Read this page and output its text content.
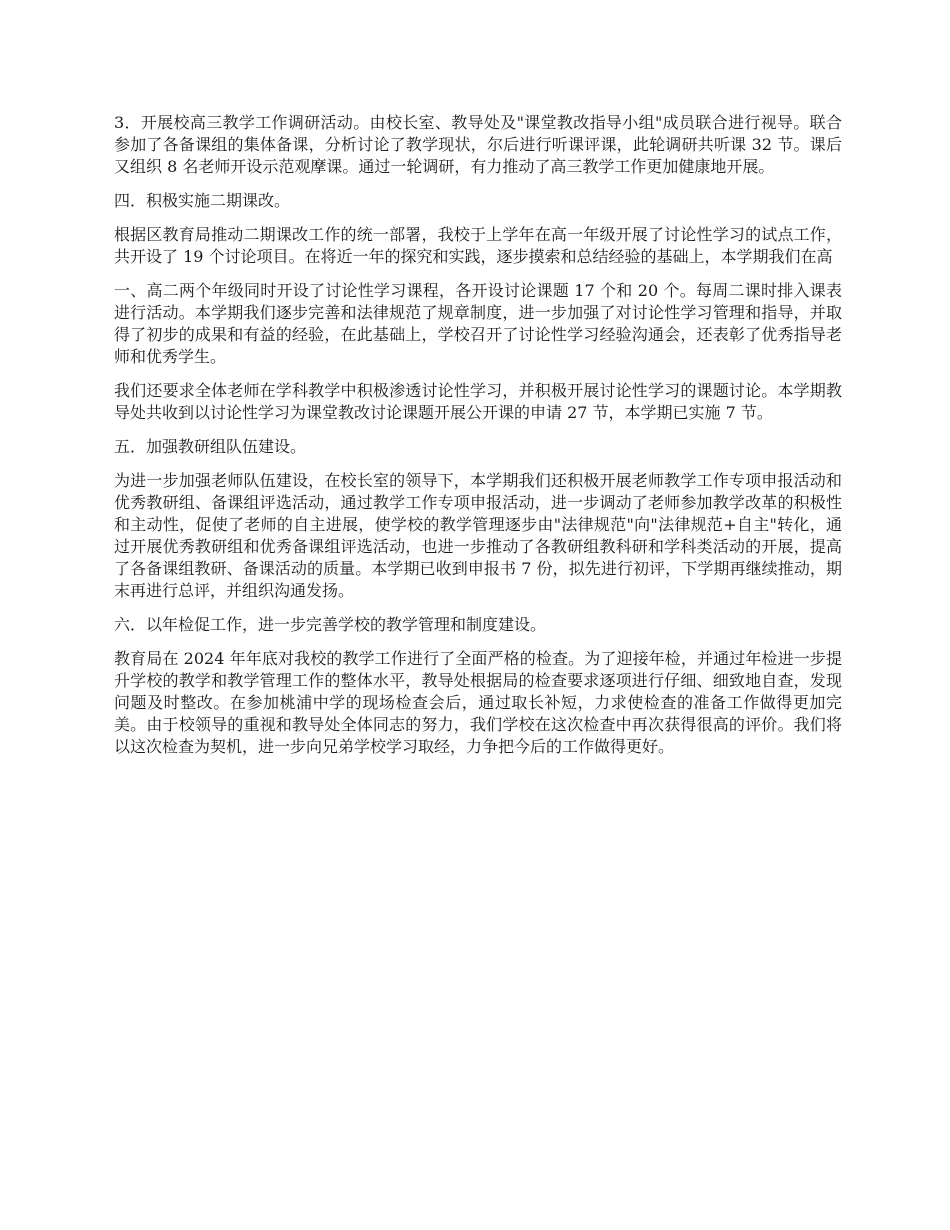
3．开展校高三教学工作调研活动。由校长室、教导处及"课堂教改指导小组"成员联合进行视导。联合参加了各备课组的集体备课，分析讨论了教学现状，尔后进行听课评课，此轮调研共听课 32 节。课后又组织 8 名老师开设示范观摩课。通过一轮调研，有力推动了高三教学工作更加健康地开展。

四．积极实施二期课改。

根据区教育局推动二期课改工作的统一部署，我校于上学年在高一年级开展了讨论性学习的试点工作，共开设了 19 个讨论项目。在将近一年的探究和实践，逐步摸索和总结经验的基础上，本学期我们在高

一、高二两个年级同时开设了讨论性学习课程，各开设讨论课题 17 个和 20 个。每周二课时排入课表进行活动。本学期我们逐步完善和法律规范了规章制度，进一步加强了对讨论性学习管理和指导，并取得了初步的成果和有益的经验，在此基础上，学校召开了讨论性学习经验沟通会，还表彰了优秀指导老师和优秀学生。

我们还要求全体老师在学科教学中积极渗透讨论性学习，并积极开展讨论性学习的课题讨论。本学期教导处共收到以讨论性学习为课堂教改讨论课题开展公开课的申请 27 节，本学期已实施 7 节。

五．加强教研组队伍建设。

为进一步加强老师队伍建设，在校长室的领导下，本学期我们还积极开展老师教学工作专项申报活动和优秀教研组、备课组评选活动，通过教学工作专项申报活动，进一步调动了老师参加教学改革的积极性和主动性，促使了老师的自主进展，使学校的教学管理逐步由"法律规范"向"法律规范+自主"转化，通过开展优秀教研组和优秀备课组评选活动，也进一步推动了各教研组教科研和学科类活动的开展，提高了各备课组教研、备课活动的质量。本学期已收到申报书 7 份，拟先进行初评，下学期再继续推动，期末再进行总评，并组织沟通发扬。

六．以年检促工作，进一步完善学校的教学管理和制度建设。

教育局在 2024 年年底对我校的教学工作进行了全面严格的检查。为了迎接年检，并通过年检进一步提升学校的教学和教学管理工作的整体水平，教导处根据局的检查要求逐项进行仔细、细致地自查，发现问题及时整改。在参加桃浦中学的现场检查会后，通过取长补短，力求使检查的准备工作做得更加完美。由于校领导的重视和教导处全体同志的努力，我们学校在这次检查中再次获得很高的评价。我们将以这次检查为契机，进一步向兄弟学校学习取经，力争把今后的工作做得更好。
